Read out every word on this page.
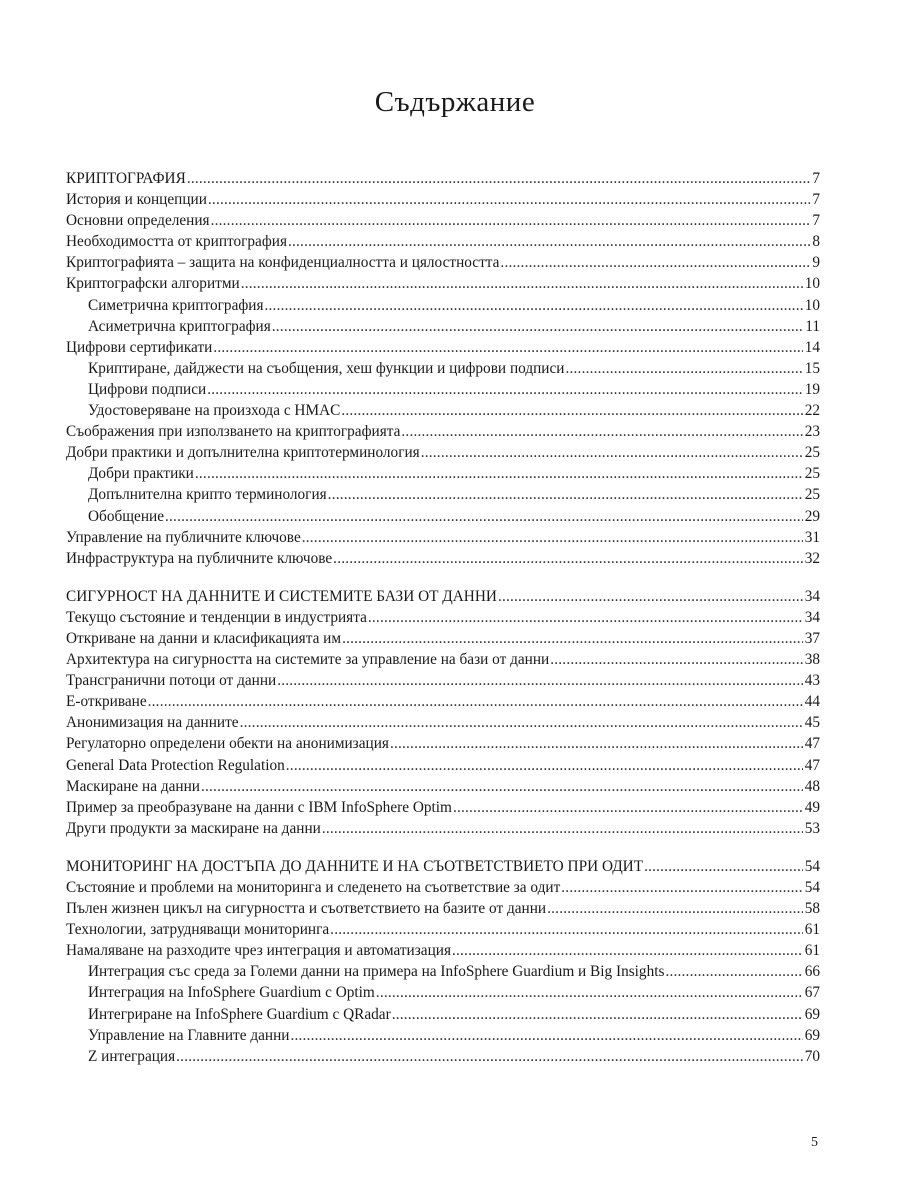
Съдържание
КРИПТОГРАФИЯ .....	7
История и концепции .....	7
Основни определения .....	7
Необходимостта от криптография .....	8
Криптографията – защита на конфиденциалността и цялостността .....	9
Криптографски алгоритми .....	10
Симетрична криптография .....	10
Асиметрична криптография .....	11
Цифрови сертификати .....	14
Криптиране, дайджести на съобщения, хеш функции и цифрови подписи .....	15
Цифрови подписи .....	19
Удостоверяване на произхода с HMAC .....	22
Съображения при използването на криптографията .....	23
Добри практики и допълнителна криптотерминология .....	25
Добри практики .....	25
Допълнителна крипто терминология .....	25
Обобщение .....	29
Управление на публичните ключове .....	31
Инфраструктура на публичните ключове .....	32
СИГУРНОСТ НА ДАННИТЕ И СИСТЕМИТЕ БАЗИ ОТ ДАННИ .....	34
Текущо състояние и тенденции в индустрията .....	34
Откриване на данни и класификацията им .....	37
Архитектура на сигурността на системите за управление на бази от данни .....	38
Трансгранични потоци от данни .....	43
Е-откриване .....	44
Анонимизация на данните .....	45
Регулаторно определени обекти на анонимизация .....	47
General Data Protection Regulation .....	47
Маскиране на данни .....	48
Пример за преобразуване на данни с IBM InfoSphere Optim .....	49
Други продукти за маскиране на данни .....	53
МОНИТОРИНГ НА ДОСТЪПА ДО ДАННИТЕ И НА СЪОТВЕТСТВИЕТО ПРИ ОДИТ .....	54
Състояние и проблеми на мониторинга и следенето на съответствие за одит .....	54
Пълен жизнен цикъл на сигурността и съответствието на базите от данни .....	58
Технологии, затрудняващи мониторинга .....	61
Намаляване на разходите чрез интеграция и автоматизация .....	61
Интеграция със среда за Големи данни на примера на InfoSphere Guardium и Big Insights .....	66
Интеграция на InfoSphere Guardium с Optim .....	67
Интегриране на InfoSphere Guardium с QRadar .....	69
Управление на Главните данни .....	69
Z интеграция .....	70
5
